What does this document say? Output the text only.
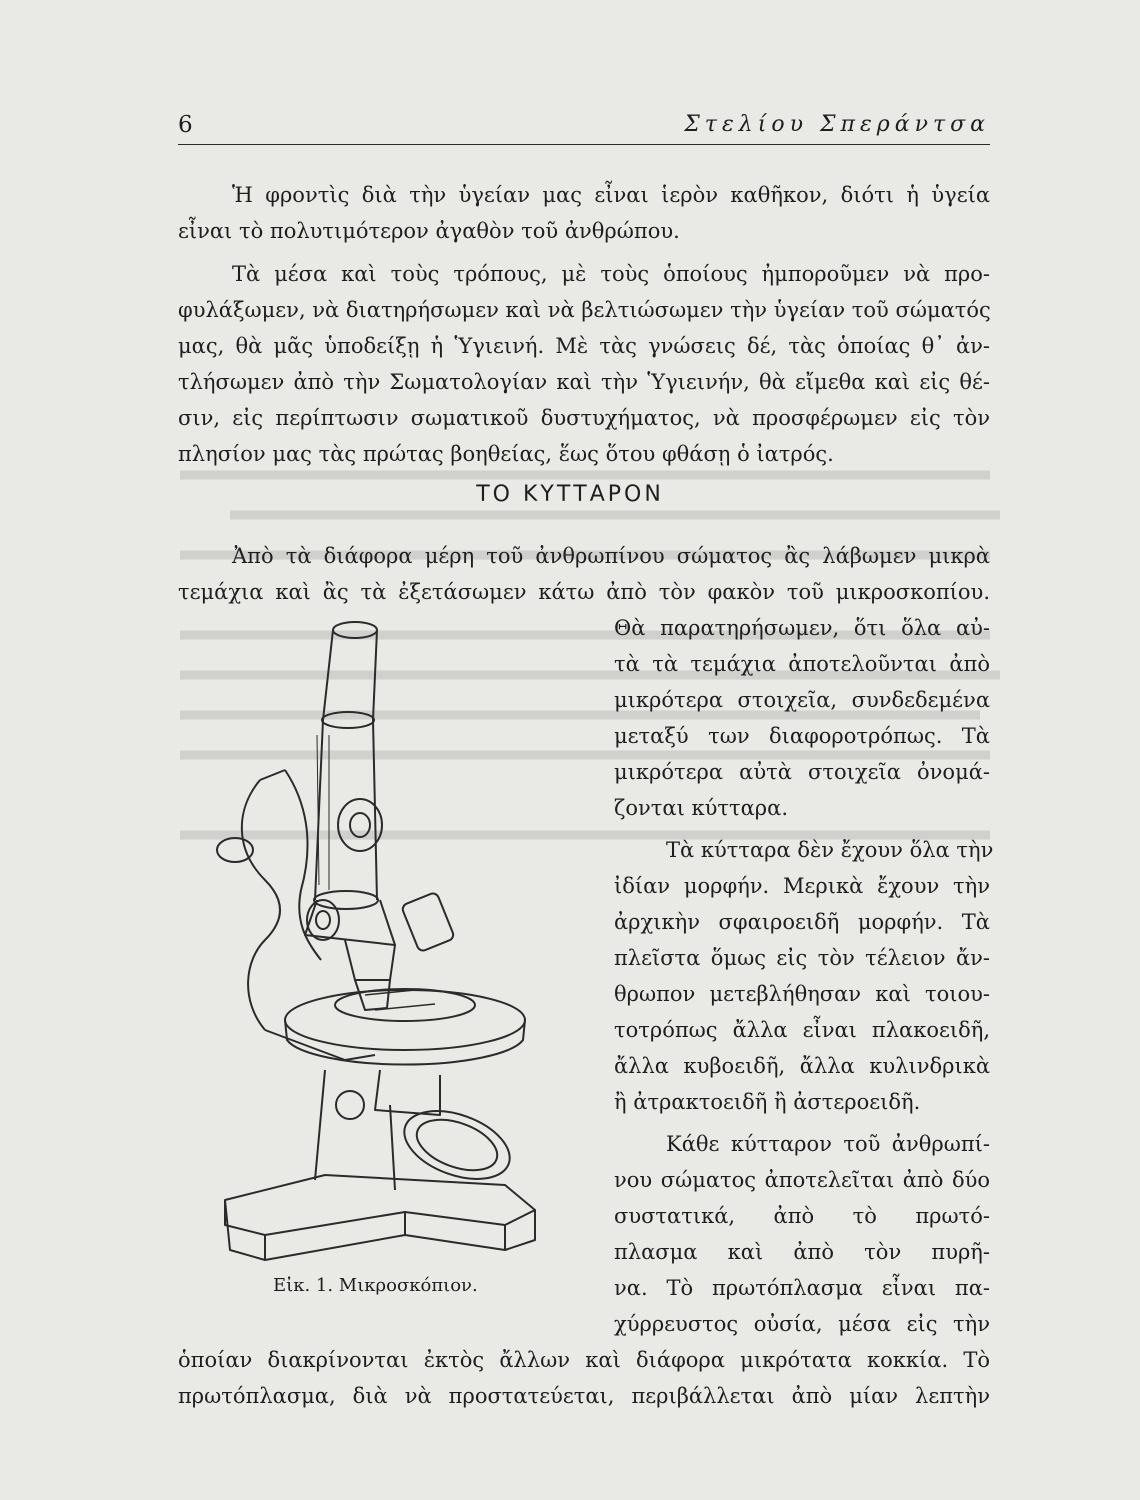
6	Στελίου Σπεράντσα
Ἡ φροντὶς διὰ τὴν ὑγείαν μας εἶναι ἱερὸν καθῆκον, διότι ἡ ὑγεία
εἶναι τὸ πολυτιμότερον ἀγαθὸν τοῦ ἀνθρώπου.
Τὰ μέσα καὶ τοὺς τρόπους, μὲ τοὺς ὁποίους ἠμποροῦμεν νὰ προ-
φυλάξωμεν, νὰ διατηρήσωμεν καὶ νὰ βελτιώσωμεν τὴν ὑγείαν τοῦ σώματός
μας, θὰ μᾶς ὑποδείξῃ ἡ Ὑγιεινή. Μὲ τὰς γνώσεις δέ, τὰς ὁποίας θ᾽ ἀν-
τλήσωμεν ἀπὸ τὴν Σωματολογίαν καὶ τὴν Ὑγιεινήν, θὰ εἴμεθα καὶ εἰς θέ-
σιν, εἰς περίπτωσιν σωματικοῦ δυστυχήματος, νὰ προσφέρωμεν εἰς τὸν
πλησίον μας τὰς πρώτας βοηθείας, ἕως ὅτου φθάσῃ ὁ ἰατρός.
ΤΟ ΚΥΤΤΑΡΟΝ
Ἀπὸ τὰ διάφορα μέρη τοῦ ἀνθρωπίνου σώματος ἂς λάβωμεν μικρὰ
τεμάχια καὶ ἂς τὰ ἐξετάσωμεν κάτω ἀπὸ τὸν φακὸν τοῦ μικροσκοπίου.
Θὰ παρατηρήσωμεν, ὅτι ὅλα αὐ-
τὰ τὰ τεμάχια ἀποτελοῦνται ἀπὸ
μικρότερα στοιχεῖα, συνδεδεμένα
μεταξύ των διαφοροτρόπως. Τὰ
μικρότερα αὐτὰ στοιχεῖα ὀνομά-
ζονται κύτταρα.
Τὰ κύτταρα δὲν ἔχουν ὅλα τὴν
ἰδίαν μορφήν. Μερικὰ ἔχουν τὴν
ἀρχικὴν σφαιροειδῆ μορφήν. Τὰ
πλεῖστα ὅμως εἰς τὸν τέλειον ἄν-
θρωπον μετεβλήθησαν καὶ τοιου-
τοτρόπως ἄλλα εἶναι πλακοειδῆ,
ἄλλα κυβοειδῆ, ἄλλα κυλινδρικὰ
ἢ ἀτρακτοειδῆ ἢ ἀστεροειδῆ.
Κάθε κύτταρον τοῦ ἀνθρωπί-
νου σώματος ἀποτελεῖται ἀπὸ δύο
συστατικά, ἀπὸ τὸ πρωτό-
πλασμα καὶ ἀπὸ τὸν πυρῆ-
να. Τὸ πρωτόπλασμα εἶναι πα-
χύρρευστος οὐσία, μέσα εἰς τὴν
ὁποίαν διακρίνονται ἐκτὸς ἄλλων καὶ διάφορα μικρότατα κοκκία. Τὸ
πρωτόπλασμα, διὰ νὰ προστατεύεται, περιβάλλεται ἀπὸ μίαν λεπτὴν
Εἰκ. 1. Μικροσκόπιον.
